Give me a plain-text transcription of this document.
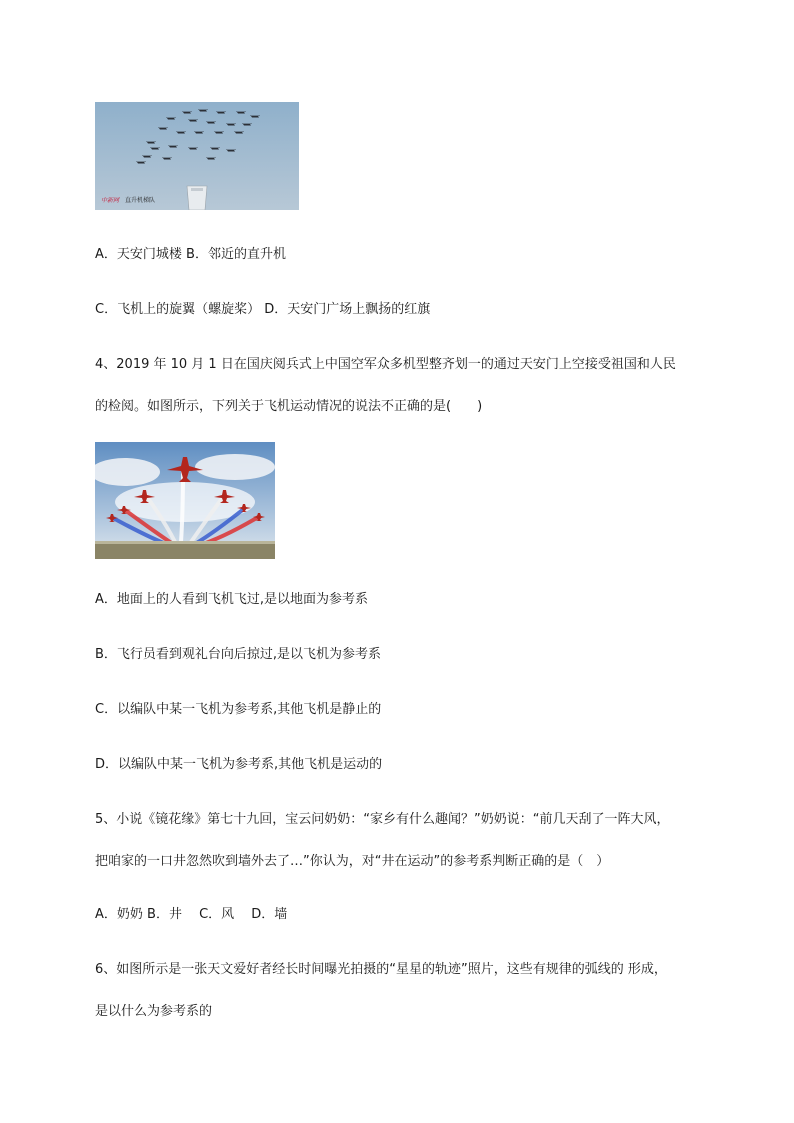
中新网 直升机梯队
A．天安门城楼 B．邻近的直升机
C．飞机上的旋翼（螺旋桨） D．天安门广场上飘扬的红旗
4、2019 年 10 月 1 日在国庆阅兵式上中国空军众多机型整齐划一的通过天安门上空接受祖国和人民
的检阅。如图所示，下列关于飞机运动情况的说法不正确的是(　　)
A．地面上的人看到飞机飞过,是以地面为参考系
B．飞行员看到观礼台向后掠过,是以飞机为参考系
C．以编队中某一飞机为参考系,其他飞机是静止的
D．以编队中某一飞机为参考系,其他飞机是运动的
5、小说《镜花缘》第七十九回，宝云问奶奶：“家乡有什么趣闻？”奶奶说：“前几天刮了一阵大风，
把咱家的一口井忽然吹到墙外去了…”你认为，对“井在运动”的参考系判断正确的是（　）
A．奶奶 B．井　 C．风　 D．墙
6、如图所示是一张天文爱好者经长时间曝光拍摄的“星星的轨迹”照片，这些有规律的弧线的 形成，
是以什么为参考系的
